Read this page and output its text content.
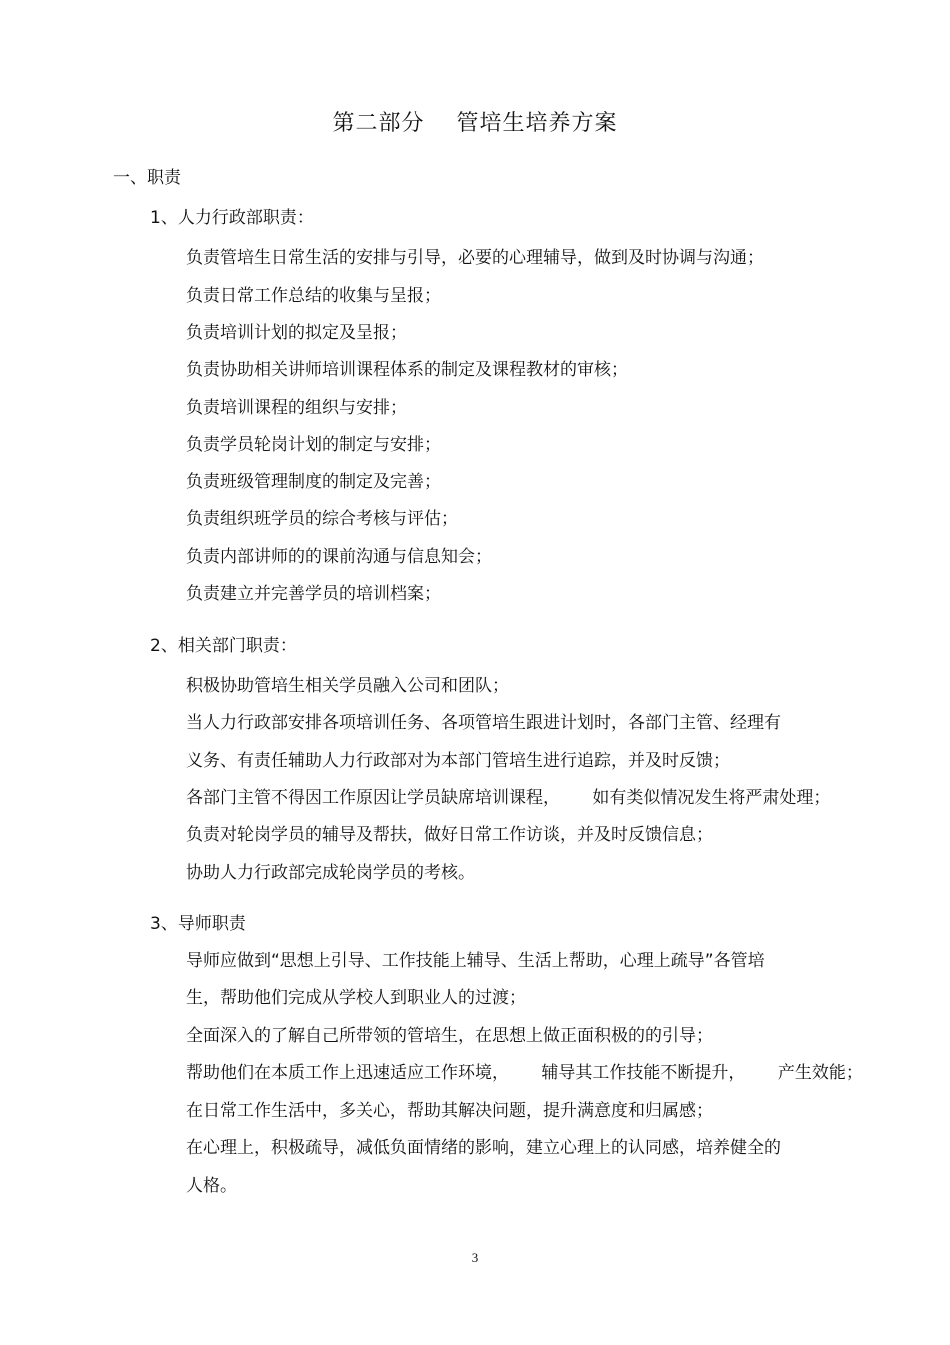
第二部分    管培生培养方案
一、职责
1、人力行政部职责：
负责管培生日常生活的安排与引导，必要的心理辅导，做到及时协调与沟通；
负责日常工作总结的收集与呈报；
负责培训计划的拟定及呈报；
负责协助相关讲师培训课程体系的制定及课程教材的审核；
负责培训课程的组织与安排；
负责学员轮岗计划的制定与安排；
负责班级管理制度的制定及完善；
负责组织班学员的综合考核与评估；
负责内部讲师的的课前沟通与信息知会；
负责建立并完善学员的培训档案；
2、相关部门职责：
积极协助管培生相关学员融入公司和团队；
当人力行政部安排各项培训任务、各项管培生跟进计划时，各部门主管、经理有
义务、有责任辅助人力行政部对为本部门管培生进行追踪，并及时反馈；
各部门主管不得因工作原因让学员缺席培训课程，      如有类似情况发生将严肃处理；
负责对轮岗学员的辅导及帮扶，做好日常工作访谈，并及时反馈信息；
协助人力行政部完成轮岗学员的考核。
3、导师职责
导师应做到“思想上引导、工作技能上辅导、生活上帮助，心理上疏导”各管培
生，帮助他们完成从学校人到职业人的过渡；
全面深入的了解自己所带领的管培生，在思想上做正面积极的的引导；
帮助他们在本质工作上迅速适应工作环境，      辅导其工作技能不断提升，      产生效能；
在日常工作生活中，多关心，帮助其解决问题，提升满意度和归属感；
在心理上，积极疏导，减低负面情绪的影响，建立心理上的认同感，培养健全的
人格。
3
